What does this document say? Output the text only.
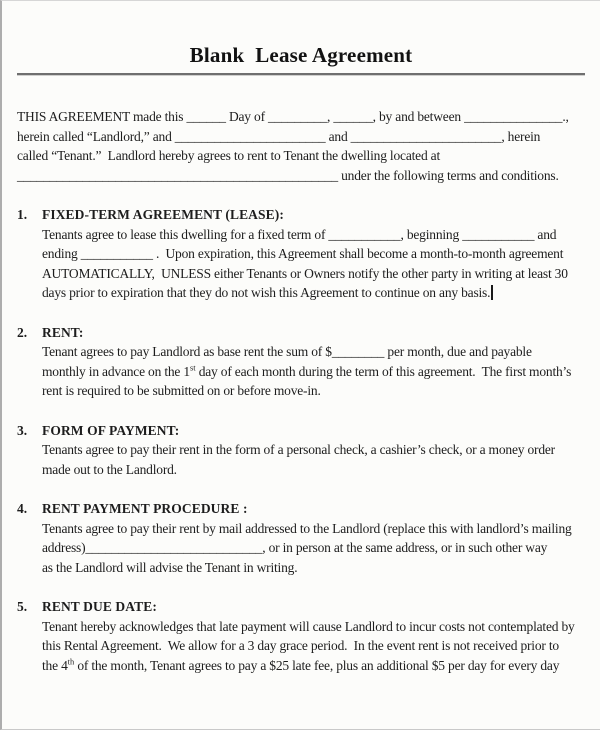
Blank  Lease Agreement
THIS AGREEMENT made this ______ Day of _________, ______, by and between _______________.,
herein called “Landlord,” and _______________________ and _______________________, herein
called “Tenant.”  Landlord hereby agrees to rent to Tenant the dwelling located at
_________________________________________________ under the following terms and conditions.
1.	FIXED-TERM AGREEMENT (LEASE):
Tenants agree to lease this dwelling for a fixed term of ___________, beginning ___________ and
ending ___________ .  Upon expiration, this Agreement shall become a month-to-month agreement
AUTOMATICALLY,  UNLESS either Tenants or Owners notify the other party in writing at least 30
days prior to expiration that they do not wish this Agreement to continue on any basis.
2.	RENT:
Tenant agrees to pay Landlord as base rent the sum of $________ per month, due and payable
monthly in advance on the 1st day of each month during the term of this agreement.  The first month’s
rent is required to be submitted on or before move-in.
3.	FORM OF PAYMENT:
Tenants agree to pay their rent in the form of a personal check, a cashier’s check, or a money order
made out to the Landlord.
4.	RENT PAYMENT PROCEDURE :
Tenants agree to pay their rent by mail addressed to the Landlord (replace this with landlord’s mailing
address)___________________________, or in person at the same address, or in such other way
as the Landlord will advise the Tenant in writing.
5.	RENT DUE DATE:
Tenant hereby acknowledges that late payment will cause Landlord to incur costs not contemplated by
this Rental Agreement.  We allow for a 3 day grace period.  In the event rent is not received prior to
the 4th of the month, Tenant agrees to pay a $25 late fee, plus an additional $5 per day for every day
